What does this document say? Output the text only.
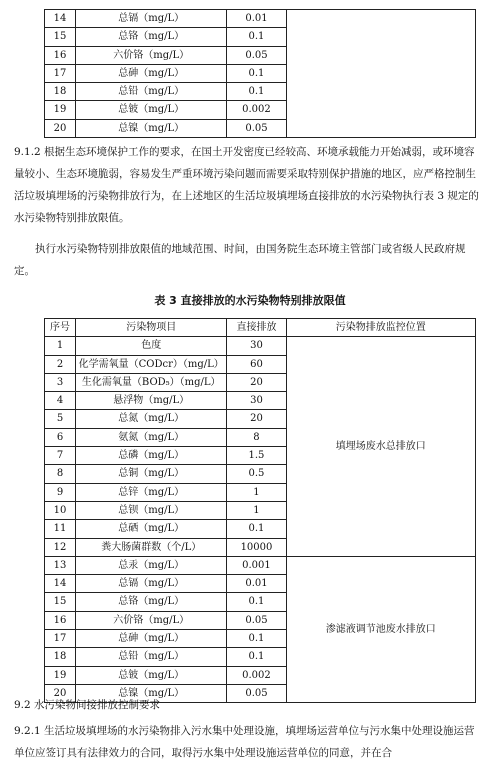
14	总镉（mg/L）	0.01	
15	总铬（mg/L）	0.1	
16	六价铬（mg/L）	0.05	
17	总砷（mg/L）	0.1	
18	总铅（mg/L）	0.1	
19	总铍（mg/L）	0.002	
20	总镍（mg/L）	0.05	

9.1.2 根据生态环境保护工作的要求，在国土开发密度已经较高、环境承载能力开始减弱，或环境容量较小、生态环境脆弱，容易发生严重环境污染问题而需要采取特别保护措施的地区，应严格控制生活垃圾填埋场的污染物排放行为，在上述地区的生活垃圾填埋场直接排放的水污染物执行表 3 规定的水污染物特别排放限值。

执行水污染物特别排放限值的地域范围、时间，由国务院生态环境主管部门或省级人民政府规定。

表 3 直接排放的水污染物特别排放限值
序号	污染物项目	直接排放	污染物排放监控位置
1	色度	30	填埋场废水总排放口
2	化学需氧量（CODcr）（mg/L）	60	
3	生化需氧量（BOD₅）（mg/L）	20	
4	悬浮物（mg/L）	30	
5	总氮（mg/L）	20	
6	氨氮（mg/L）	8	
7	总磷（mg/L）	1.5	
8	总铜（mg/L）	0.5	
9	总锌（mg/L）	1	
10	总钡（mg/L）	1	
11	总硒（mg/L）	0.1	
12	粪大肠菌群数（个/L）	10000	
13	总汞（mg/L）	0.001	渗滤液调节池废水排放口
14	总镉（mg/L）	0.01	
15	总铬（mg/L）	0.1	
16	六价铬（mg/L）	0.05	
17	总砷（mg/L）	0.1	
18	总铅（mg/L）	0.1	
19	总铍（mg/L）	0.002	
20	总镍（mg/L）	0.05	
9.2 水污染物间接排放控制要求

9.2.1 生活垃圾填埋场的水污染物排入污水集中处理设施，填埋场运营单位与污水集中处理设施运营单位应签订具有法律效力的合同，取得污水集中处理设施运营单位的同意，并在合
